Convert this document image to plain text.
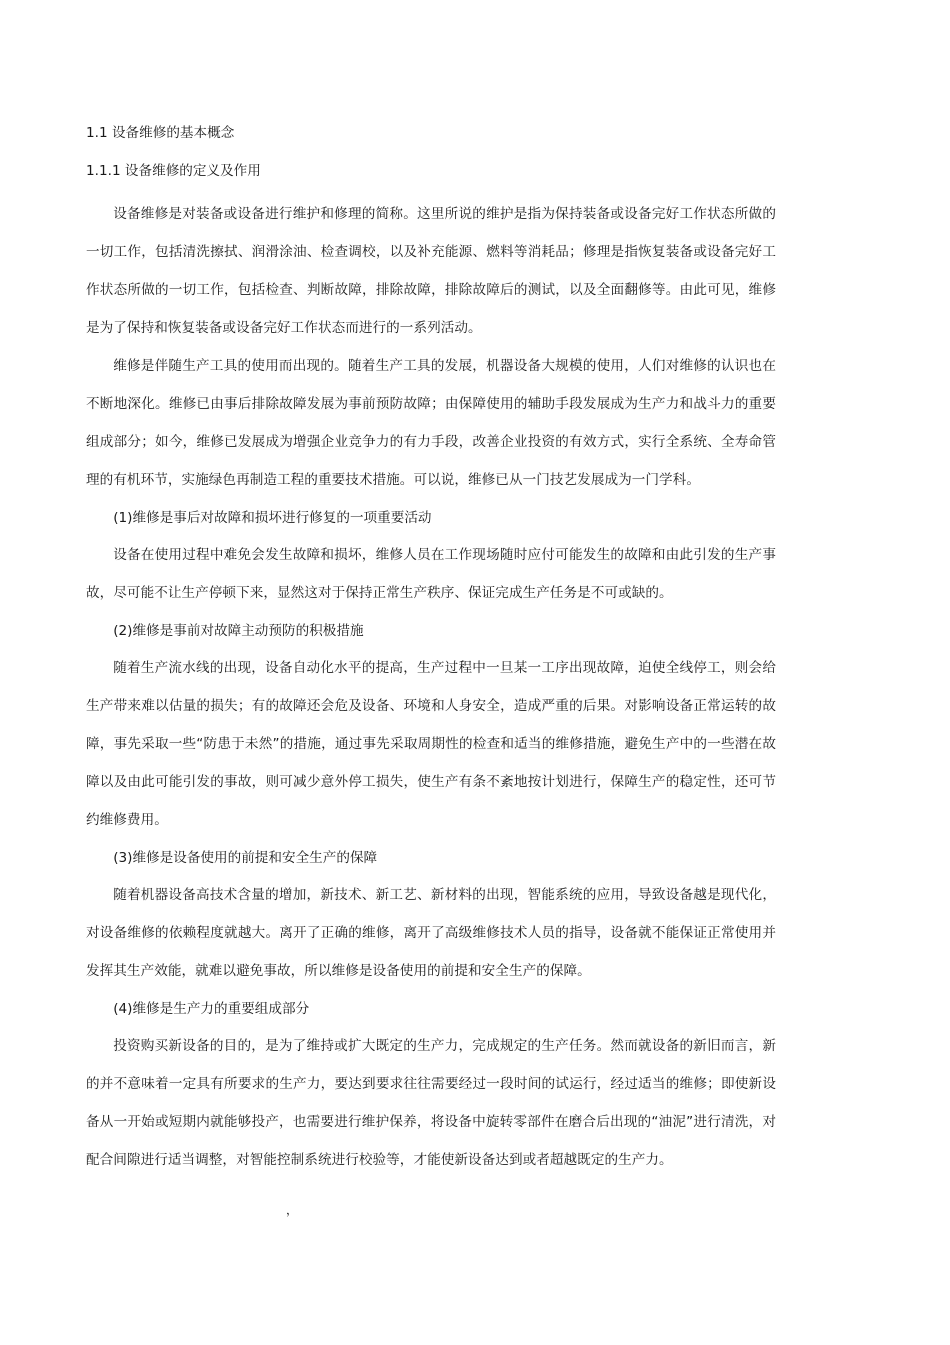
1.1 设备维修的基本概念
1.1.1 设备维修的定义及作用

设备维修是对装备或设备进行维护和修理的简称。这里所说的维护是指为保持装备或设备完好工作状态所做的一切工作，包括清洗擦拭、润滑涂油、检查调校，以及补充能源、燃料等消耗品；修理是指恢复装备或设备完好工作状态所做的一切工作，包括检查、判断故障，排除故障，排除故障后的测试，以及全面翻修等。由此可见，维修是为了保持和恢复装备或设备完好工作状态而进行的一系列活动。

维修是伴随生产工具的使用而出现的。随着生产工具的发展，机器设备大规模的使用，人们对维修的认识也在不断地深化。维修已由事后排除故障发展为事前预防故障；由保障使用的辅助手段发展成为生产力和战斗力的重要组成部分；如今，维修已发展成为增强企业竞争力的有力手段，改善企业投资的有效方式，实行全系统、全寿命管理的有机环节，实施绿色再制造工程的重要技术措施。可以说，维修已从一门技艺发展成为一门学科。

(1)维修是事后对故障和损坏进行修复的一项重要活动

设备在使用过程中难免会发生故障和损坏，维修人员在工作现场随时应付可能发生的故障和由此引发的生产事故，尽可能不让生产停顿下来，显然这对于保持正常生产秩序、保证完成生产任务是不可或缺的。

(2)维修是事前对故障主动预防的积极措施

随着生产流水线的出现，设备自动化水平的提高，生产过程中一旦某一工序出现故障，迫使全线停工，则会给生产带来难以估量的损失；有的故障还会危及设备、环境和人身安全，造成严重的后果。对影响设备正常运转的故障，事先采取一些“防患于未然”的措施，通过事先采取周期性的检查和适当的维修措施，避免生产中的一些潜在故障以及由此可能引发的事故，则可减少意外停工损失，使生产有条不紊地按计划进行，保障生产的稳定性，还可节约维修费用。

(3)维修是设备使用的前提和安全生产的保障

随着机器设备高技术含量的增加，新技术、新工艺、新材料的出现，智能系统的应用，导致设备越是现代化，对设备维修的依赖程度就越大。离开了正确的维修，离开了高级维修技术人员的指导，设备就不能保证正常使用并发挥其生产效能，就难以避免事故，所以维修是设备使用的前提和安全生产的保障。

(4)维修是生产力的重要组成部分

投资购买新设备的目的，是为了维持或扩大既定的生产力，完成规定的生产任务。然而就设备的新旧而言，新的并不意味着一定具有所要求的生产力，要达到要求往往需要经过一段时间的试运行，经过适当的维修；即使新设备从一开始或短期内就能够投产，也需要进行维护保养，将设备中旋转零部件在磨合后出现的“油泥”进行清洗，对配合间隙进行适当调整，对智能控制系统进行校验等，才能使新设备达到或者超越既定的生产力。

，
